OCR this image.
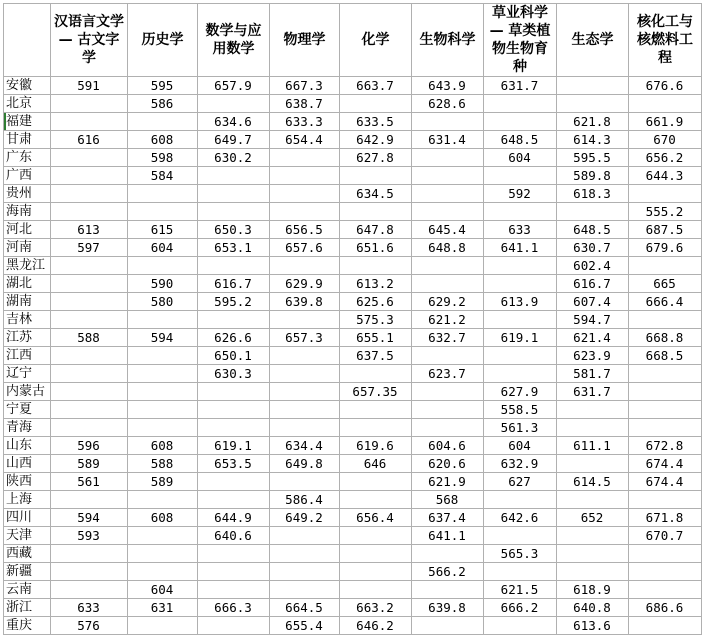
	汉语言文学 — 古文字学	历史学	数学与应用数学	物理学	化学	生物科学	草业科学 — 草类植物生物育种	生态学	核化工与核燃料工程
安徽	591	595	657.9	667.3	663.7	643.9	631.7		676.6
北京		586		638.7		628.6			
福建			634.6	633.3	633.5			621.8	661.9
甘肃	616	608	649.7	654.4	642.9	631.4	648.5	614.3	670
广东		598	630.2		627.8		604	595.5	656.2
广西		584						589.8	644.3
贵州					634.5		592	618.3	
海南									555.2
河北	613	615	650.3	656.5	647.8	645.4	633	648.5	687.5
河南	597	604	653.1	657.6	651.6	648.8	641.1	630.7	679.6
黑龙江								602.4	
湖北		590	616.7	629.9	613.2			616.7	665
湖南		580	595.2	639.8	625.6	629.2	613.9	607.4	666.4
吉林					575.3	621.2		594.7	
江苏	588	594	626.6	657.3	655.1	632.7	619.1	621.4	668.8
江西			650.1		637.5			623.9	668.5
辽宁			630.3			623.7		581.7	
内蒙古					657.35		627.9	631.7	
宁夏							558.5		
青海							561.3		
山东	596	608	619.1	634.4	619.6	604.6	604	611.1	672.8
山西	589	588	653.5	649.8	646	620.6	632.9		674.4
陕西	561	589				621.9	627	614.5	674.4
上海				586.4		568			
四川	594	608	644.9	649.2	656.4	637.4	642.6	652	671.8
天津	593		640.6			641.1			670.7
西藏							565.3		
新疆						566.2			
云南		604					621.5	618.9	
浙江	633	631	666.3	664.5	663.2	639.8	666.2	640.8	686.6
重庆	576			655.4	646.2			613.6	
